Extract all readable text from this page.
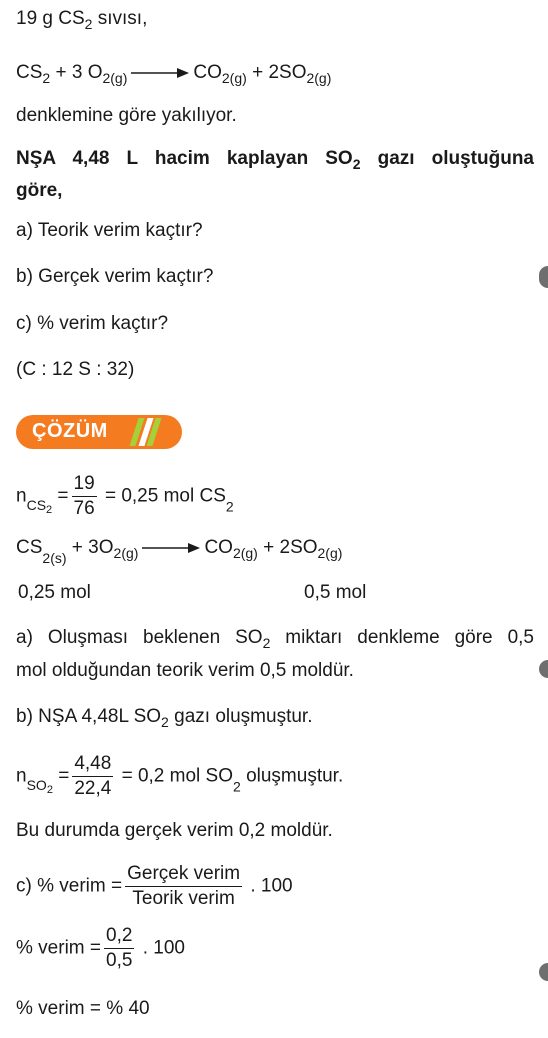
19 g $CS_2$ sıvısı,
$CS_2 + 3$ $O_{2(g)} \to CO_{2(g)} + 2SO_{2(g)}$
denklemine göre yakılıyor.
NŞA 4,48 L hacim kaplayan $SO_2$ gazı oluştuğuna
göre,
a) Teorik verim kaçtır?
b) Gerçek verim kaçtır?
c) % verim kaçtır?
(C : 12 S : 32)
ÇÖZÜM
$n_{CS_2} = \frac{19}{76} = 0,25$ mol $CS_2$
$CS_{2(s)} + 3O_{2(g)} \to CO_{2(g)} + 2SO_{2(g)}$
0,25 mol	0,5 mol
a) Oluşması beklenen $SO_2$ miktarı denkleme göre 0,5
mol olduğundan teorik verim 0,5 moldür.
b) NŞA 4,48L $SO_2$ gazı oluşmuştur.
$n_{SO_2} = \frac{4,48}{22,4} = 0,2$ mol $SO_2$ oluşmuştur.
Bu durumda gerçek verim 0,2 moldür.
c) % verim = $\frac{\text{Gerçek verim}}{\text{Teorik verim}}$ . 100
% verim = $\frac{0,2}{0,5}$ . 100
% verim = % 40
